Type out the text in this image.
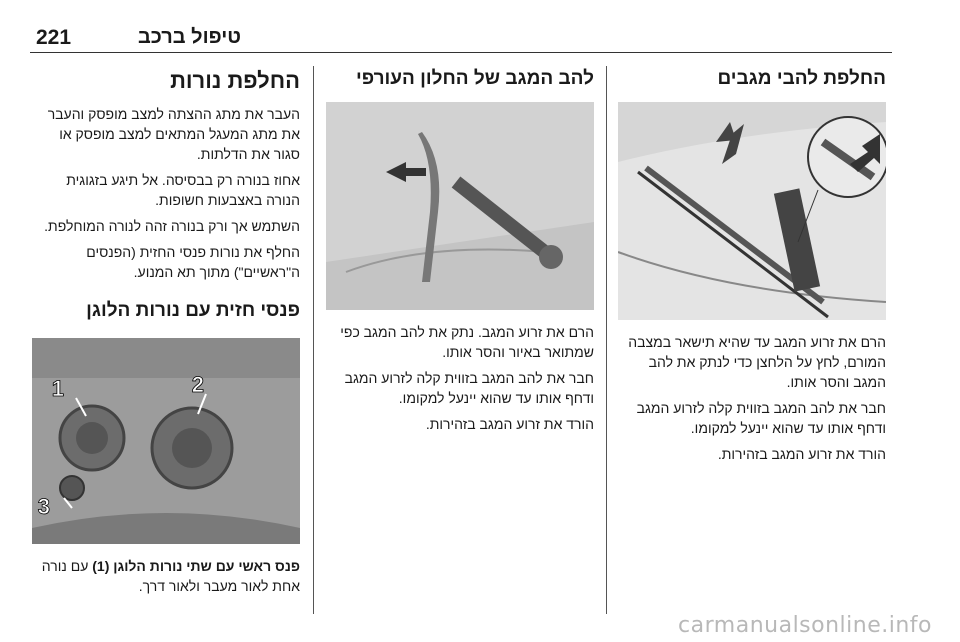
221	טיפול ברכב
החלפת להבי מגבים

הרם את זרוע המגב עד שהיא תישאר במצבה המורם, לחץ על הלחצן כדי לנתק את להב המגב והסר אותו.

חבר את להב המגב בזווית קלה לזרוע המגב ודחף אותו עד שהוא יינעל למקומו.

הורד את זרוע המגב בזהירות.

להב המגב של החלון העורפי

הרם את זרוע המגב. נתק את להב המגב כפי שמתואר באיור והסר אותו.

חבר את להב המגב בזווית קלה לזרוע המגב ודחף אותו עד שהוא יינעל למקומו.

הורד את זרוע המגב בזהירות.

החלפת נורות

העבר את מתג ההצתה למצב מופסק והעבר את מתג המעגל המתאים למצב מופסק או סגור את הדלתות.

אחוז בנורה רק בבסיסה. אל תיגע בזגוגית הנורה באצבעות חשופות.

השתמש אך ורק בנורה זהה לנורה המוחלפת.

החלף את נורות פנסי החזית (הפנסים ה"ראשיים") מתוך תא המנוע.

פנסי חזית עם נורות הלוגן
1	2
3

פנס ראשי עם שתי נורות הלוגן (1) עם נורה אחת לאור מעבר ולאור דרך.

carmanualsonline.info
